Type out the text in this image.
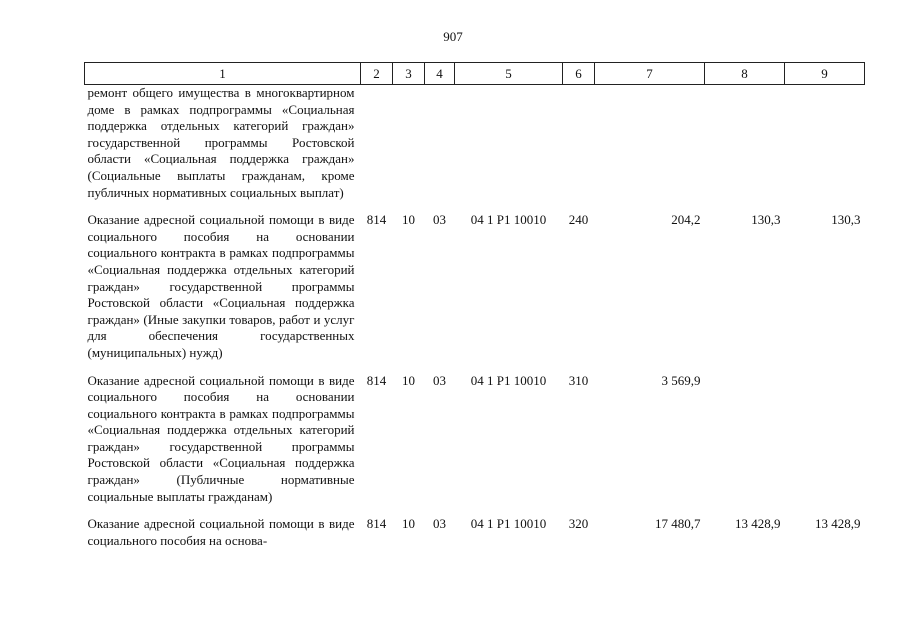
907
1	2	3	4	5	6	7	8	9
ремонт общего имущества в многоквартирном доме в рамках подпрограммы «Социальная поддержка отдельных категорий граждан» государственной программы Ростовской области «Социальная поддержка граждан» (Социальные выплаты гражданам, кроме публичных нормативных социальных выплат)								
Оказание адресной социальной помощи в виде социального пособия на основании социального контракта в рамках подпрограммы «Социальная поддержка отдельных категорий граждан» государственной программы Ростовской области «Социальная поддержка граждан» (Иные закупки товаров, работ и услуг для обеспечения государственных (муниципальных) нужд)	814	10	03	04 1 Р1 10010	240	204,2	130,3	130,3
Оказание адресной социальной помощи в виде социального пособия на основании социального контракта в рамках подпрограммы «Социальная поддержка отдельных категорий граждан» государственной программы Ростовской области «Социальная поддержка граждан» (Публичные нормативные социальные выплаты гражданам)	814	10	03	04 1 Р1 10010	310	3 569,9		

Оказание адресной социальной помощи в виде социального пособия на основа-	814	10	03	04 1 Р1 10010	320	17 480,7	13 428,9	13 428,9
